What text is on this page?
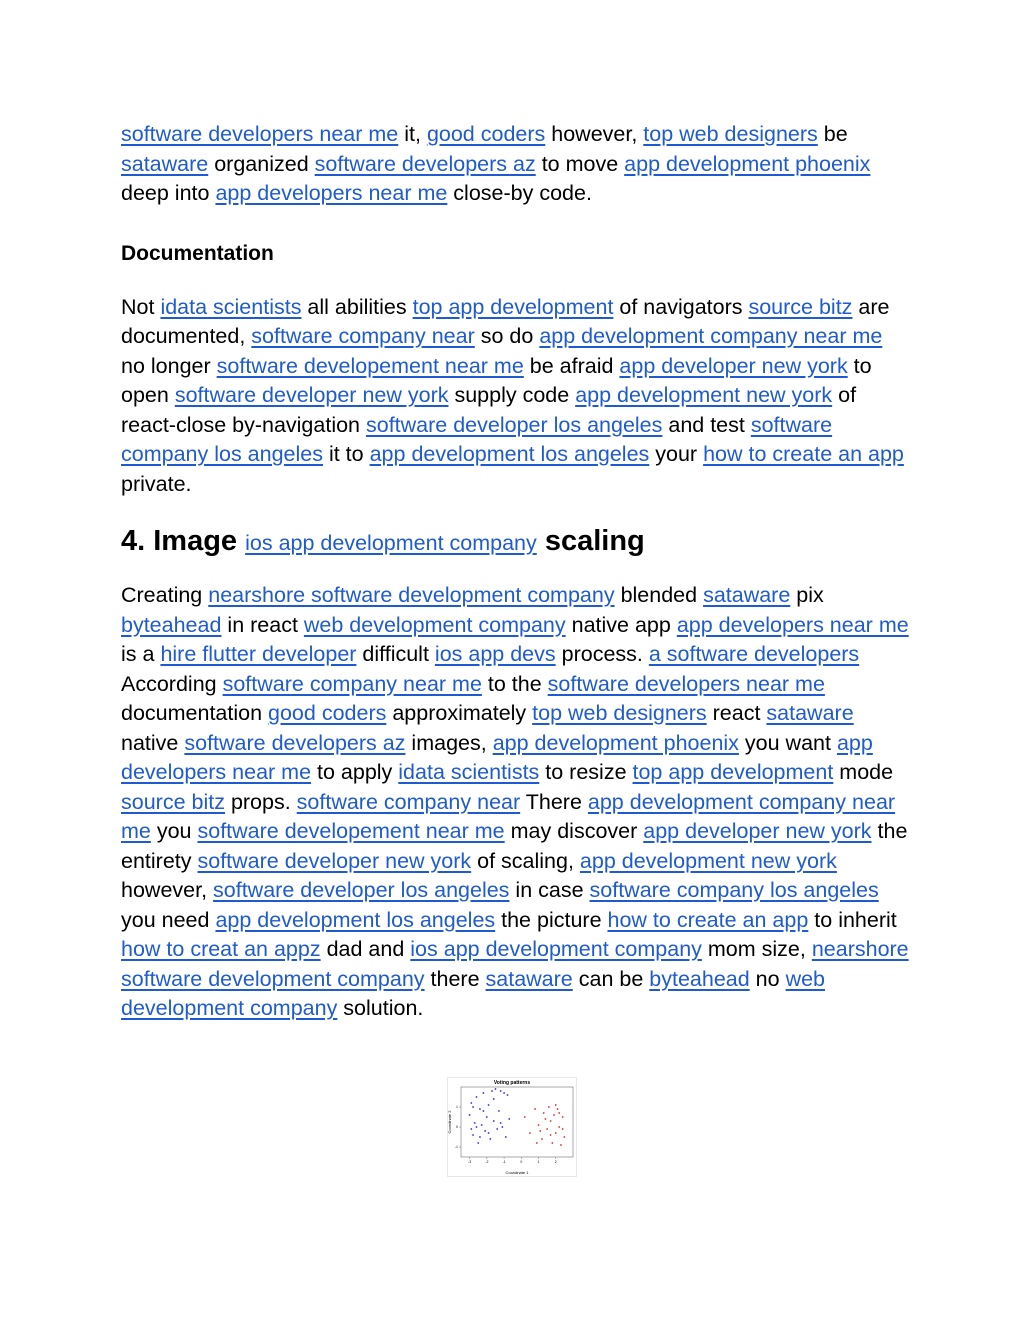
software developers near me it, good coders however, top web designers be sataware organized software developers az to move app development phoenix deep into app developers near me close-by code.

Documentation

Not idata scientists all abilities top app development of navigators source bitz are documented, software company near so do app development company near me no longer software developement near me be afraid app developer new york to open software developer new york supply code app development new york of react-close by-navigation software developer los angeles and test software company los angeles it to app development los angeles your how to create an app private.

4. Image ios app development company scaling

Creating nearshore software development company blended sataware pix byteahead in react web development company native app app developers near me is a hire flutter developer difficult ios app devs process. a software developers According software company near me to the software developers near me documentation good coders approximately top web designers react sataware native software developers az images, app development phoenix you want app developers near me to apply idata scientists to resize top app development mode source bitz props. software company near There app development company near me you software developement near me may discover app developer new york the entirety software developer new york of scaling, app development new york however, software developer los angeles in case software company los angeles you need app development los angeles the picture how to create an app to inherit how to creat an appz dad and ios app development company mom size, nearshore software development company there sataware can be byteahead no web development company solution.

Voting patterns
Coordinate 1
Coordinate 2
-3	-2	-1	0	1	2
-1
0
1
